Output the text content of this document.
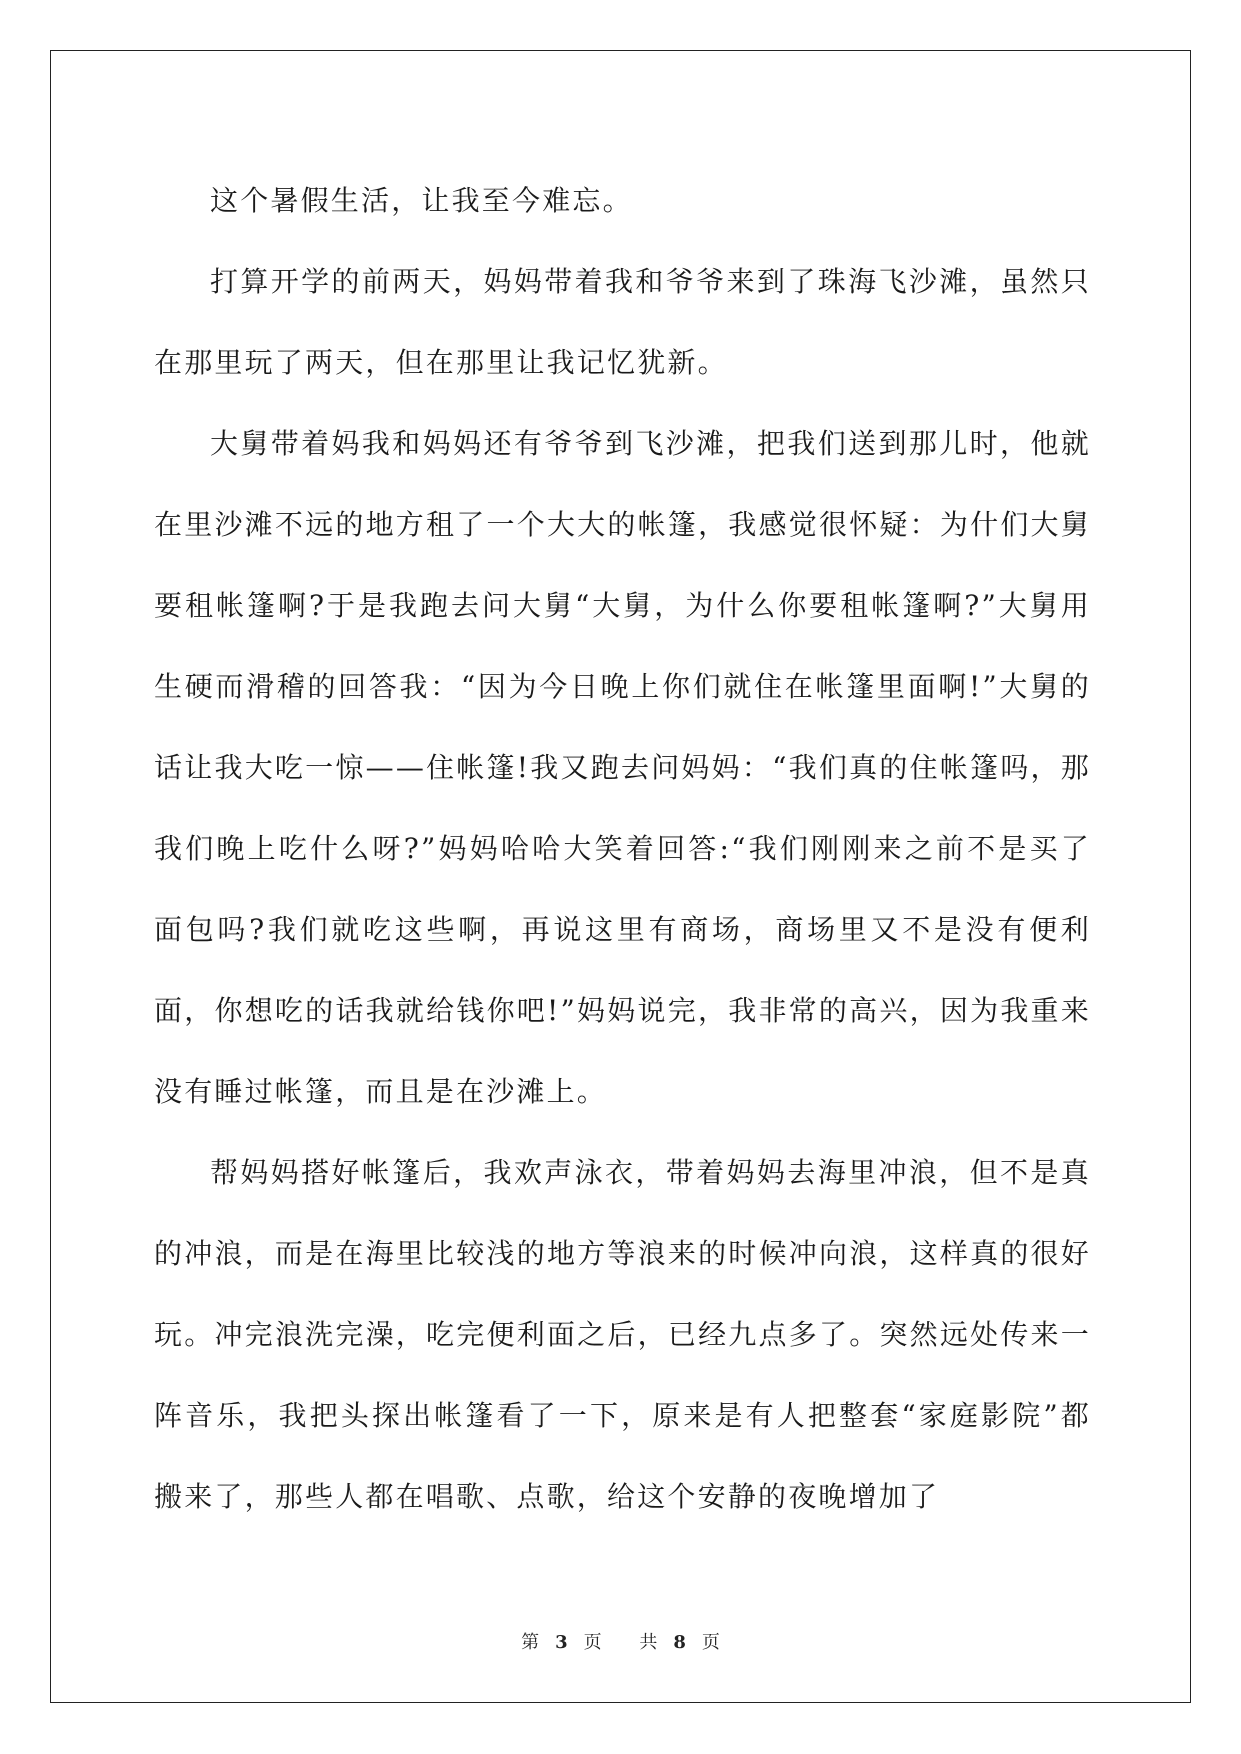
这个暑假生活，让我至今难忘。

打算开学的前两天，妈妈带着我和爷爷来到了珠海飞沙滩，虽然只在那里玩了两天，但在那里让我记忆犹新。

大舅带着妈我和妈妈还有爷爷到飞沙滩，把我们送到那儿时，他就在里沙滩不远的地方租了一个大大的帐篷，我感觉很怀疑：为什们大舅要租帐篷啊?于是我跑去问大舅“大舅，为什么你要租帐篷啊?”大舅用生硬而滑稽的回答我：“因为今日晚上你们就住在帐篷里面啊!”大舅的话让我大吃一惊——住帐篷!我又跑去问妈妈：“我们真的住帐篷吗，那我们晚上吃什么呀?”妈妈哈哈大笑着回答:“我们刚刚来之前不是买了面包吗?我们就吃这些啊，再说这里有商场，商场里又不是没有便利面，你想吃的话我就给钱你吧!”妈妈说完，我非常的高兴，因为我重来没有睡过帐篷，而且是在沙滩上。

帮妈妈搭好帐篷后，我欢声泳衣，带着妈妈去海里冲浪，但不是真的冲浪，而是在海里比较浅的地方等浪来的时候冲向浪，这样真的很好玩。冲完浪洗完澡，吃完便利面之后，已经九点多了。突然远处传来一阵音乐，我把头探出帐篷看了一下，原来是有人把整套“家庭影院”都搬来了，那些人都在唱歌、点歌，给这个安静的夜晚增加了

第 3 页 共 8 页
